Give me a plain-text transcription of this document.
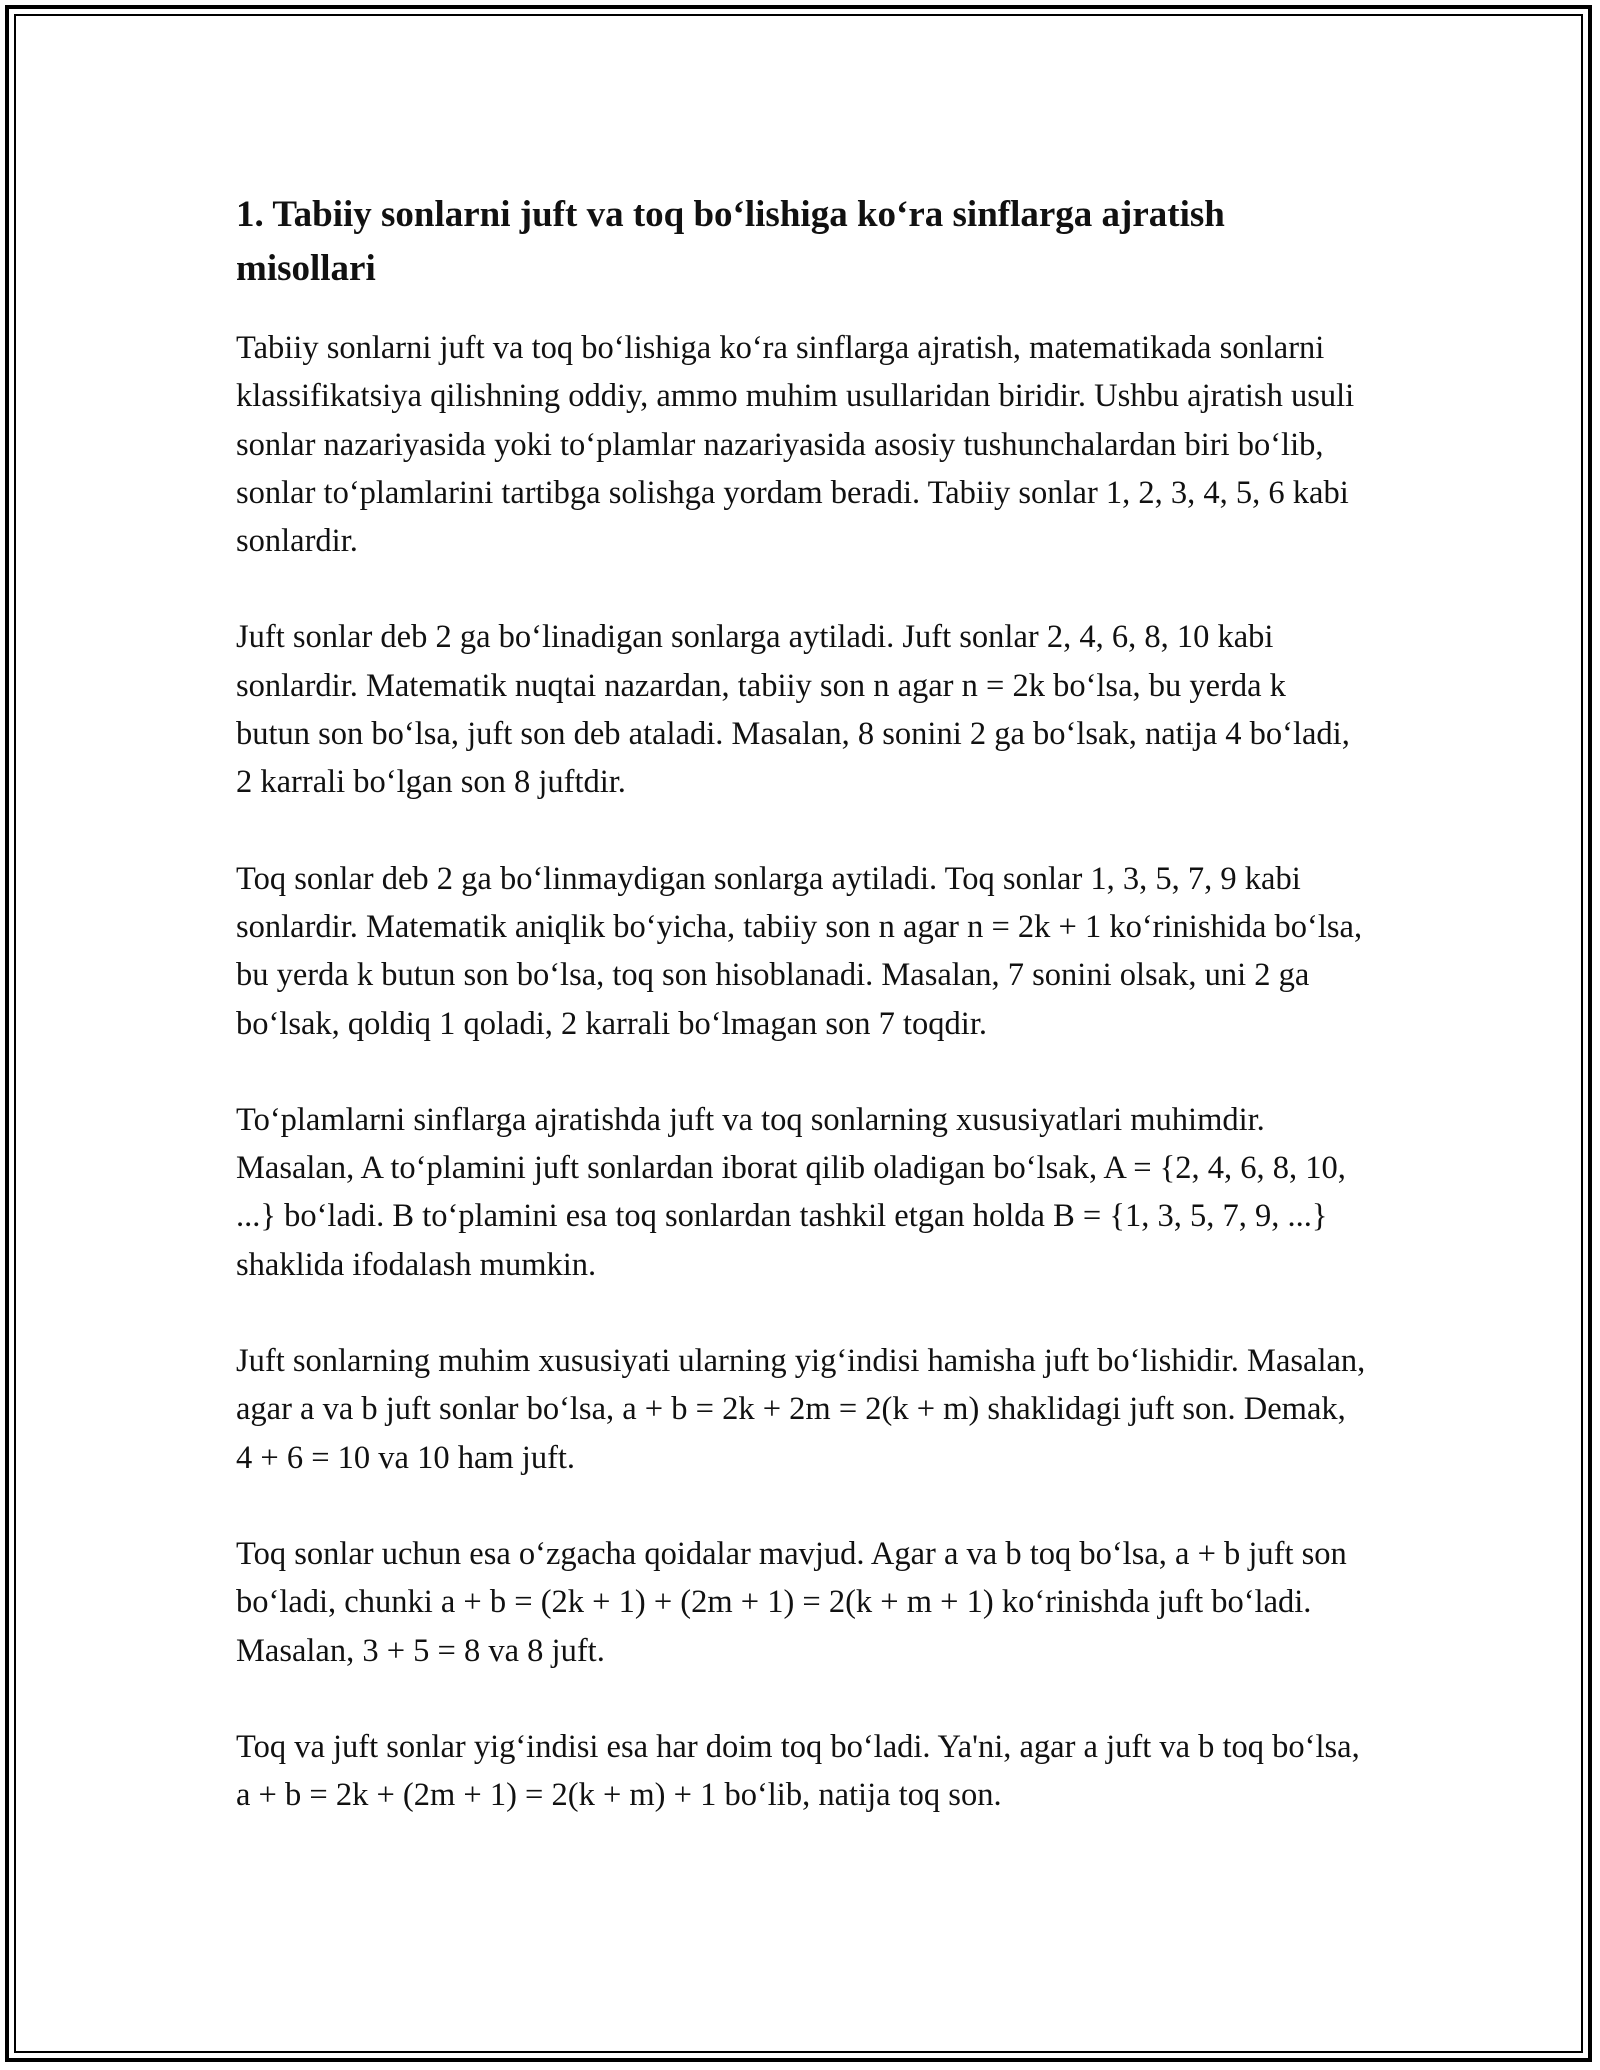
1. Tabiiy sonlarni juft va toq bo‘lishiga ko‘ra sinflarga ajratish misollari

Tabiiy sonlarni juft va toq bo‘lishiga ko‘ra sinflarga ajratish, matematikada sonlarni klassifikatsiya qilishning oddiy, ammo muhim usullaridan biridir. Ushbu ajratish usuli sonlar nazariyasida yoki to‘plamlar nazariyasida asosiy tushunchalardan biri bo‘lib, sonlar to‘plamlarini tartibga solishga yordam beradi. Tabiiy sonlar 1, 2, 3, 4, 5, 6 kabi sonlardir.

Juft sonlar deb 2 ga bo‘linadigan sonlarga aytiladi. Juft sonlar 2, 4, 6, 8, 10 kabi sonlardir. Matematik nuqtai nazardan, tabiiy son n agar n = 2k bo‘lsa, bu yerda k butun son bo‘lsa, juft son deb ataladi. Masalan, 8 sonini 2 ga bo‘lsak, natija 4 bo‘ladi, 2 karrali bo‘lgan son 8 juftdir.

Toq sonlar deb 2 ga bo‘linmaydigan sonlarga aytiladi. Toq sonlar 1, 3, 5, 7, 9 kabi sonlardir. Matematik aniqlik bo‘yicha, tabiiy son n agar n = 2k + 1 ko‘rinishida bo‘lsa, bu yerda k butun son bo‘lsa, toq son hisoblanadi. Masalan, 7 sonini olsak, uni 2 ga bo‘lsak, qoldiq 1 qoladi, 2 karrali bo‘lmagan son 7 toqdir.

To‘plamlarni sinflarga ajratishda juft va toq sonlarning xususiyatlari muhimdir. Masalan, A to‘plamini juft sonlardan iborat qilib oladigan bo‘lsak, A = {2, 4, 6, 8, 10, ...} bo‘ladi. B to‘plamini esa toq sonlardan tashkil etgan holda B = {1, 3, 5, 7, 9, ...} shaklida ifodalash mumkin.

Juft sonlarning muhim xususiyati ularning yig‘indisi hamisha juft bo‘lishidir. Masalan, agar a va b juft sonlar bo‘lsa, a + b = 2k + 2m = 2(k + m) shaklidagi juft son. Demak, 4 + 6 = 10 va 10 ham juft.

Toq sonlar uchun esa o‘zgacha qoidalar mavjud. Agar a va b toq bo‘lsa, a + b juft son bo‘ladi, chunki a + b = (2k + 1) + (2m + 1) = 2(k + m + 1) ko‘rinishda juft bo‘ladi. Masalan, 3 + 5 = 8 va 8 juft.

Toq va juft sonlar yig‘indisi esa har doim toq bo‘ladi. Ya'ni, agar a juft va b toq bo‘lsa, a + b = 2k + (2m + 1) = 2(k + m) + 1 bo‘lib, natija toq son.
